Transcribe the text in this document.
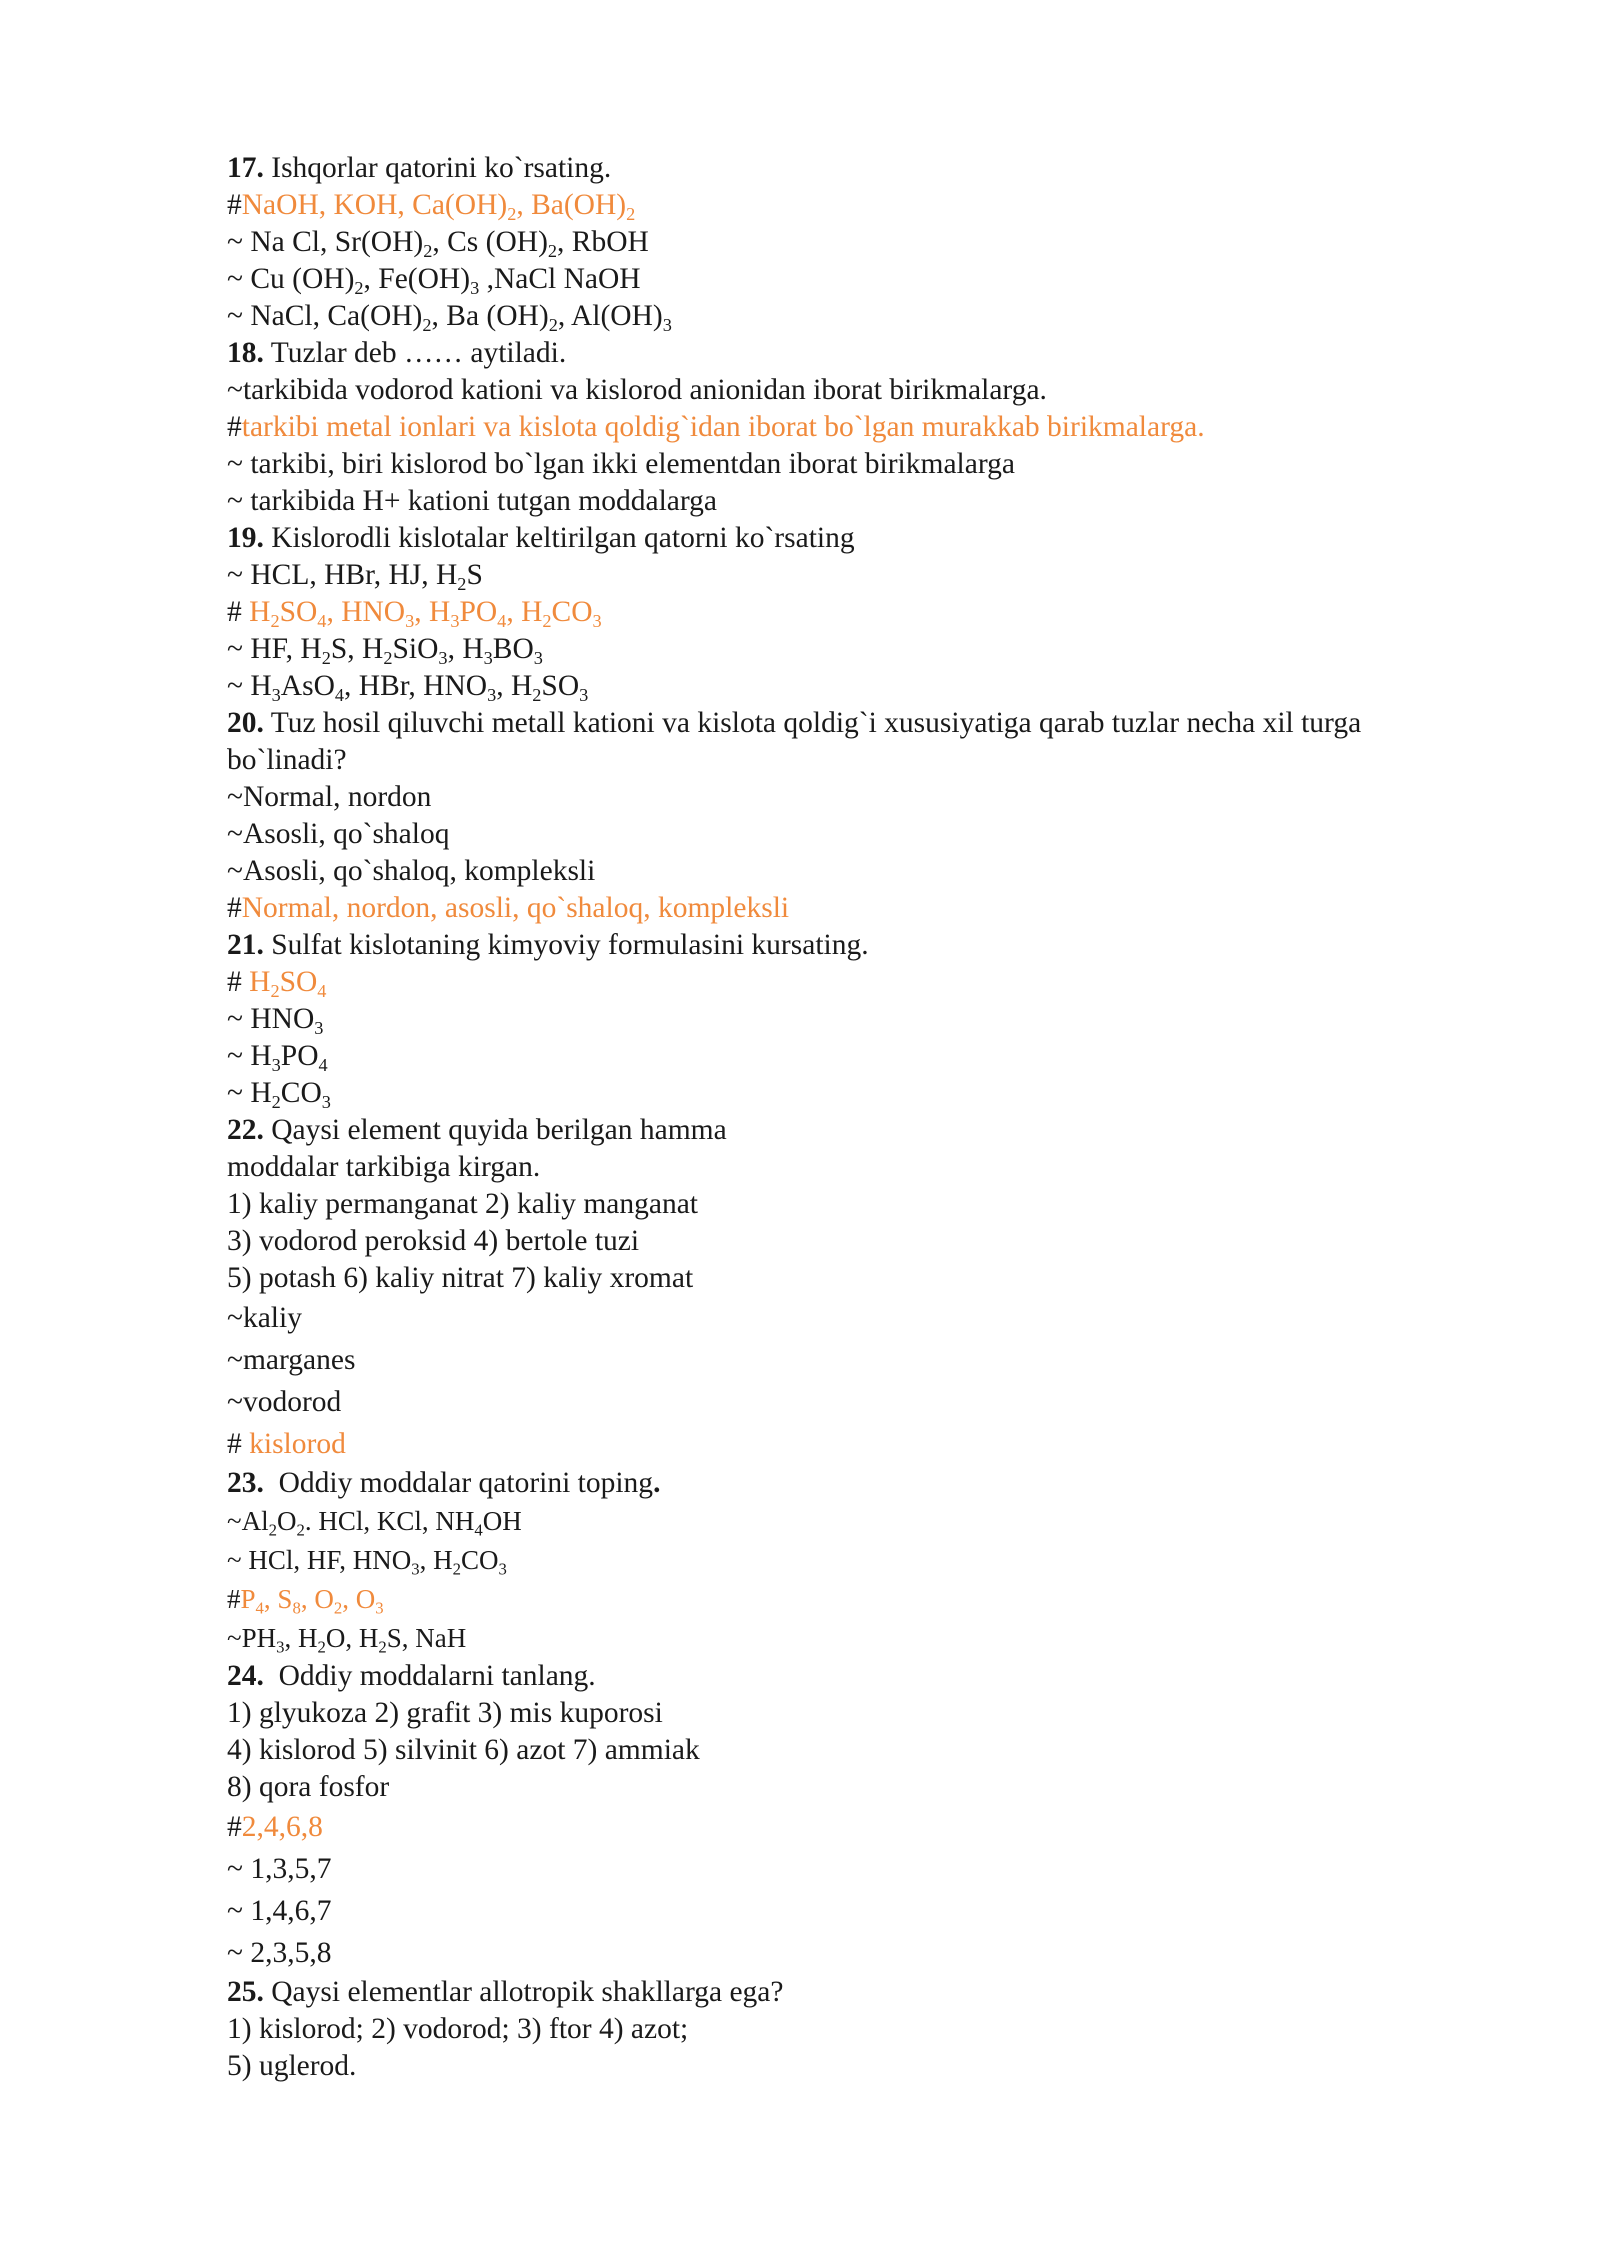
17. Ishqorlar qatorini ko`rsating.
#NaOH, KOH, $Ca(OH)_2$, $Ba(OH)_2$
~ Na Cl, $Sr(OH)_2$, Cs $(OH)_2$, RbOH
~ Cu $(OH)_2$, $Fe(OH)_3$ ,NaCl NaOH
~ NaCl, $Ca(OH)_2$, Ba $(OH)_2$, $Al(OH)_3$
18. Tuzlar deb …… aytiladi.
~tarkibida vodorod kationi va kislorod anionidan iborat birikmalarga.
#tarkibi metal ionlari va kislota qoldig`idan iborat bo`lgan murakkab birikmalarga.
~ tarkibi, biri kislorod bo`lgan ikki elementdan iborat birikmalarga
~ tarkibida H+ kationi tutgan moddalarga
19. Kislorodli kislotalar keltirilgan qatorni ko`rsating
~ HCL, HBr, HJ, $H_2S$
# $H_2SO_4$, $HNO_3$, $H_3PO_4$, $H_2CO_3$
~ HF, $H_2S$, $H_2SiO_3$, $H_3BO_3$
~ $H_3AsO_4$, HBr, $HNO_3$, $H_2SO_3$
20. Tuz hosil qiluvchi metall kationi va kislota qoldig`i xususiyatiga qarab tuzlar necha xil turga
bo`linadi?
~Normal, nordon
~Asosli, qo`shaloq
~Asosli, qo`shaloq, kompleksli
#Normal, nordon, asosli, qo`shaloq, kompleksli
21. Sulfat kislotaning kimyoviy formulasini kursating.
# $H_2SO_4$
~ $HNO_3$
~ $H_3PO_4$
~ $H_2CO_3$
22. Qaysi element quyida berilgan hamma
moddalar tarkibiga kirgan.
1) kaliy permanganat 2) kaliy manganat
3) vodorod peroksid 4) bertole tuzi
5) potash 6) kaliy nitrat 7) kaliy xromat
~kaliy
~marganes
~vodorod
# kislorod
23.  Oddiy moddalar qatorini toping.
$\sim Al_2O_2$. HCl, KCl, $NH_4OH$
~ HCl, HF, $HNO_3$, $H_2CO_3$
$\#P_4$, $S_8$, $O_2$, $O_3$
$\sim PH_3$, $H_2O$, $H_2S$, NaH
24.  Oddiy moddalarni tanlang.
1) glyukoza 2) grafit 3) mis kuporosi
4) kislorod 5) silvinit 6) azot 7) ammiak
8) qora fosfor
#2,4,6,8
~ 1,3,5,7
~ 1,4,6,7
~ 2,3,5,8
25. Qaysi elementlar allotropik shakllarga ega?
1) kislorod; 2) vodorod; 3) ftor 4) azot;
5) uglerod.
